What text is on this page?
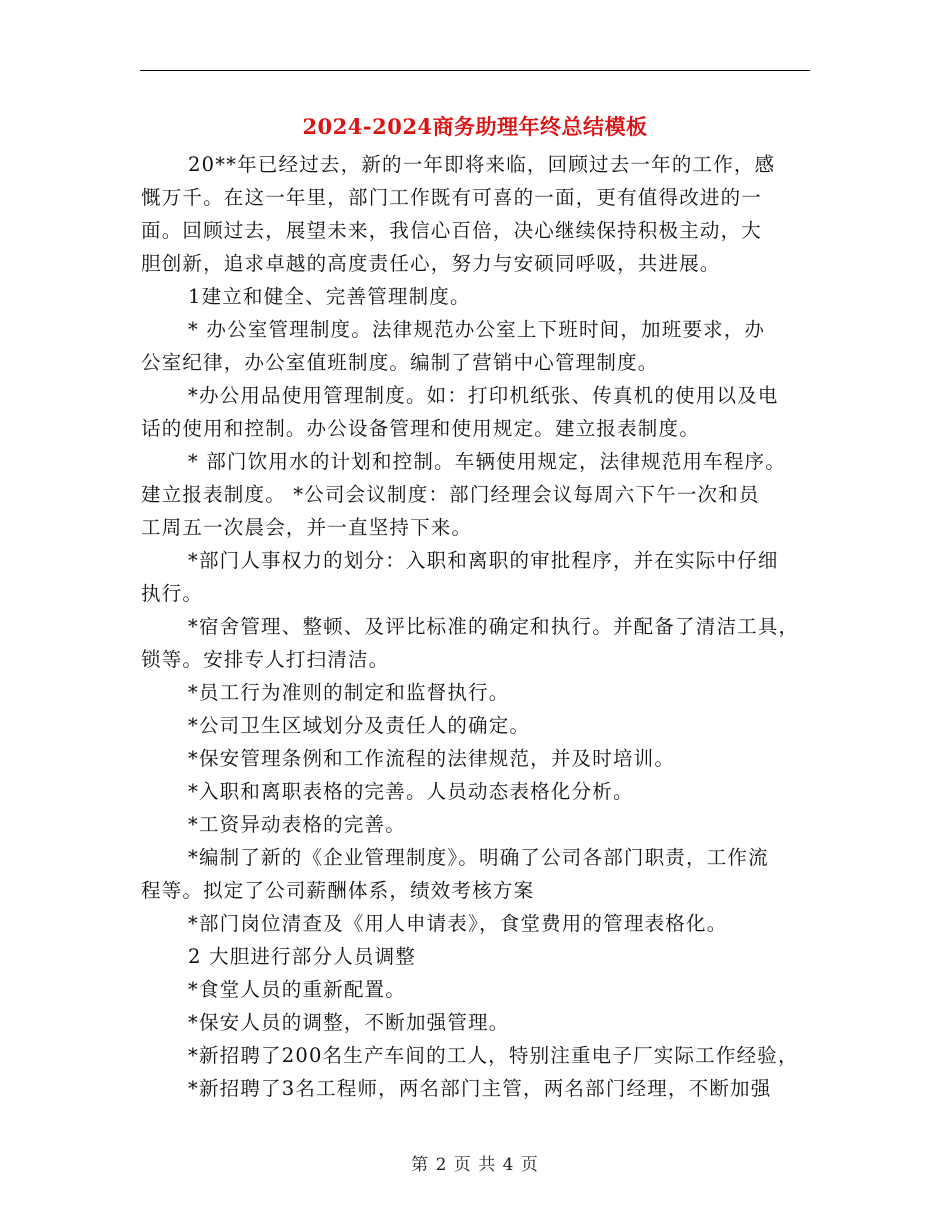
2024-2024商务助理年终总结模板

20**年已经过去，新的一年即将来临，回顾过去一年的工作，感
慨万千。在这一年里，部门工作既有可喜的一面，更有值得改进的一
面。回顾过去，展望未来，我信心百倍，决心继续保持积极主动，大
胆创新，追求卓越的高度责任心，努力与安硕同呼吸，共进展。

1建立和健全、完善管理制度。

* 办公室管理制度。法律规范办公室上下班时间，加班要求，办
公室纪律，办公室值班制度。编制了营销中心管理制度。

*办公用品使用管理制度。如：打印机纸张、传真机的使用以及电
话的使用和控制。办公设备管理和使用规定。建立报表制度。

* 部门饮用水的计划和控制。车辆使用规定，法律规范用车程序。
建立报表制度。 *公司会议制度：部门经理会议每周六下午一次和员
工周五一次晨会，并一直坚持下来。

*部门人事权力的划分：入职和离职的审批程序，并在实际中仔细
执行。

*宿舍管理、整顿、及评比标准的确定和执行。并配备了清洁工具，
锁等。安排专人打扫清洁。

*员工行为准则的制定和监督执行。

*公司卫生区域划分及责任人的确定。

*保安管理条例和工作流程的法律规范，并及时培训。

*入职和离职表格的完善。人员动态表格化分析。

*工资异动表格的完善。

*编制了新的《企业管理制度》。明确了公司各部门职责，工作流
程等。拟定了公司薪酬体系，绩效考核方案

*部门岗位清查及《用人申请表》，食堂费用的管理表格化。

2 大胆进行部分人员调整

*食堂人员的重新配置。

*保安人员的调整，不断加强管理。

*新招聘了200名生产车间的工人，特别注重电子厂实际工作经验，

*新招聘了3名工程师，两名部门主管，两名部门经理，不断加强

第 2 页 共 4 页
